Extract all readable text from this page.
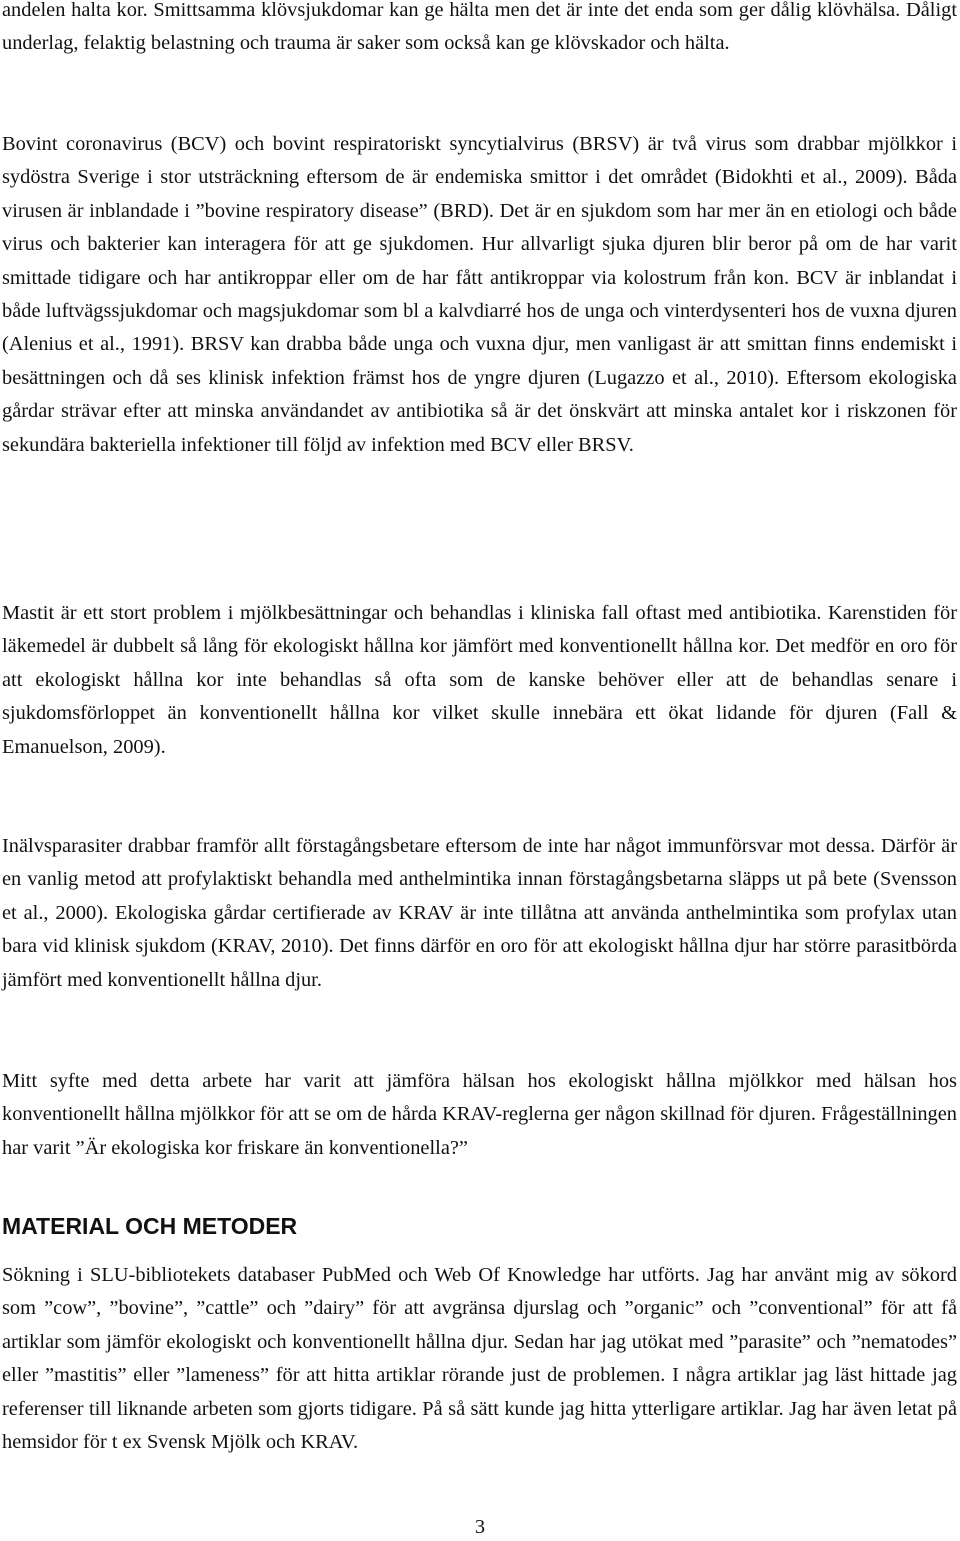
andelen halta kor. Smittsamma klövsjukdomar kan ge hälta men det är inte det enda som ger dålig klövhälsa. Dåligt underlag, felaktig belastning och trauma är saker som också kan ge klövskador och hälta.

Bovint coronavirus (BCV) och bovint respiratoriskt syncytialvirus (BRSV) är två virus som drabbar mjölkkor i sydöstra Sverige i stor utsträckning eftersom de är endemiska smittor i det området (Bidokhti et al., 2009). Båda virusen är inblandade i ”bovine respiratory disease” (BRD). Det är en sjukdom som har mer än en etiologi och både virus och bakterier kan interagera för att ge sjukdomen. Hur allvarligt sjuka djuren blir beror på om de har varit smittade tidigare och har antikroppar eller om de har fått antikroppar via kolostrum från kon. BCV är inblandat i både luftvägssjukdomar och magsjukdomar som bl a kalvdiarré hos de unga och vinterdysenteri hos de vuxna djuren (Alenius et al., 1991). BRSV kan drabba både unga och vuxna djur, men vanligast är att smittan finns endemiskt i besättningen och då ses klinisk infektion främst hos de yngre djuren (Lugazzo et al., 2010). Eftersom ekologiska gårdar strävar efter att minska användandet av antibiotika så är det önskvärt att minska antalet kor i riskzonen för sekundära bakteriella infektioner till följd av infektion med BCV eller BRSV.

Mastit är ett stort problem i mjölkbesättningar och behandlas i kliniska fall oftast med antibiotika. Karenstiden för läkemedel är dubbelt så lång för ekologiskt hållna kor jämfört med konventionellt hållna kor. Det medför en oro för att ekologiskt hållna kor inte behandlas så ofta som de kanske behöver eller att de behandlas senare i sjukdomsförloppet än konventionellt hållna kor vilket skulle innebära ett ökat lidande för djuren (Fall & Emanuelson, 2009).

Inälvsparasiter drabbar framför allt förstagångsbetare eftersom de inte har något immunförsvar mot dessa. Därför är en vanlig metod att profylaktiskt behandla med anthelmintika innan förstagångsbetarna släpps ut på bete (Svensson et al., 2000). Ekologiska gårdar certifierade av KRAV är inte tillåtna att använda anthelmintika som profylax utan bara vid klinisk sjukdom (KRAV, 2010). Det finns därför en oro för att ekologiskt hållna djur har större parasitbörda jämfört med konventionellt hållna djur.

Mitt syfte med detta arbete har varit att jämföra hälsan hos ekologiskt hållna mjölkkor med hälsan hos konventionellt hållna mjölkkor för att se om de hårda KRAV-reglerna ger någon skillnad för djuren. Frågeställningen har varit ”Är ekologiska kor friskare än konventionella?”

MATERIAL OCH METODER

Sökning i SLU-bibliotekets databaser PubMed och Web Of Knowledge har utförts. Jag har använt mig av sökord som ”cow”, ”bovine”, ”cattle” och ”dairy” för att avgränsa djurslag och ”organic” och ”conventional” för att få artiklar som jämför ekologiskt och konventionellt hållna djur. Sedan har jag utökat med ”parasite” och ”nematodes” eller ”mastitis” eller ”lameness” för att hitta artiklar rörande just de problemen. I några artiklar jag läst hittade jag referenser till liknande arbeten som gjorts tidigare. På så sätt kunde jag hitta ytterligare artiklar. Jag har även letat på hemsidor för t ex Svensk Mjölk och KRAV.

3
